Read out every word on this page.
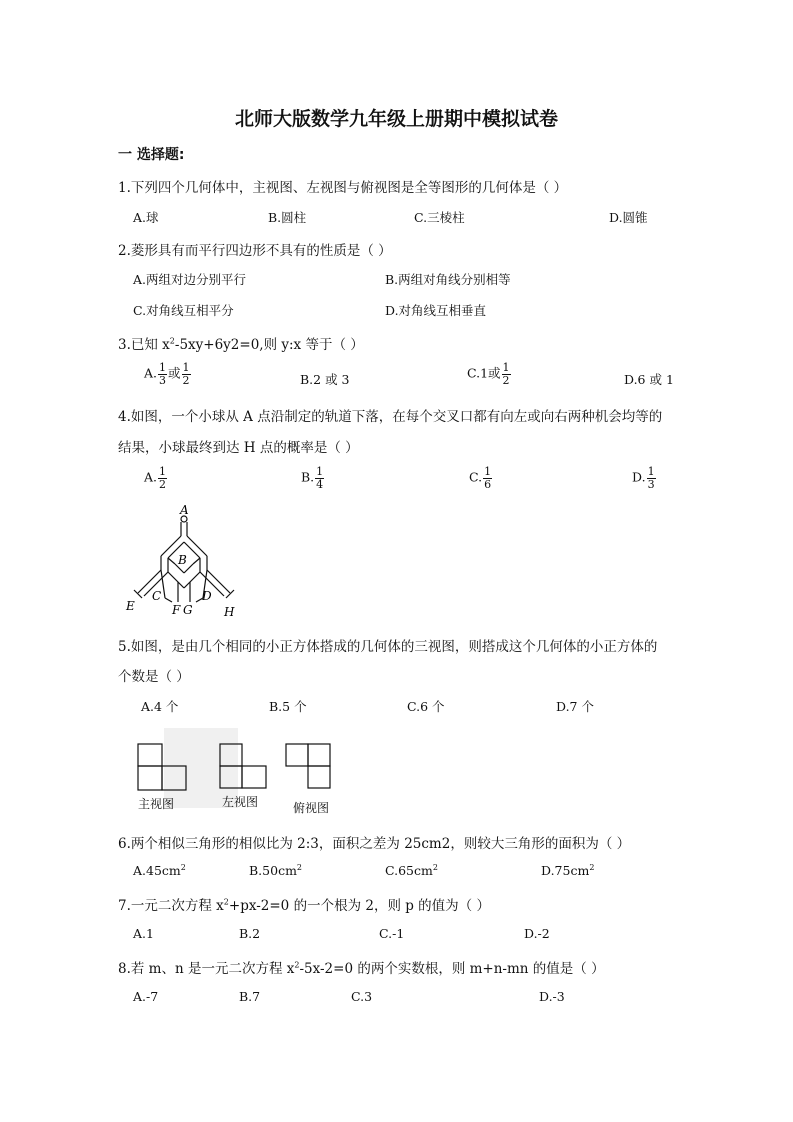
北师大版数学九年级上册期中模拟试卷
一 选择题:
1.下列四个几何体中，主视图、左视图与俯视图是全等图形的几何体是（ ）
A.球	B.圆柱	C.三棱柱	D.圆锥
2.菱形具有而平行四边形不具有的性质是（ ）
A.两组对边分别平行	B.两组对角线分别相等
C.对角线互相平分	D.对角线互相垂直
3.已知 $x^2-5xy+6y2=0$,则 y:x 等于（ ）
A. $\frac{1}{3}$ 或 $\frac{1}{2}$	B.2 或 3	C.1或 $\frac{1}{2}$	D.6 或 1
4.如图，一个小球从 A 点沿制定的轨道下落，在每个交叉口都有向左或向右两种机会均等的
结果，小球最终到达 H 点的概率是（ ）
A. $\frac{1}{2}$	B. $\frac{1}{4}$	C. $\frac{1}{6}$	D. $\frac{1}{3}$
A
B
C	D
E	F G	H
5.如图，是由几个相同的小正方体搭成的几何体的三视图，则搭成这个几何体的小正方体的
个数是（ ）
A.4 个	B.5 个	C.6 个	D.7 个
主视图	左视图	俯视图
6.两个相似三角形的相似比为 2:3，面积之差为 25cm2，则较大三角形的面积为（ ）
$A.45cm^2$	$B.50cm^2$	$C.65cm^2$	$D.75cm^2$
7.一元二次方程 $x^2+px-2=0$ 的一个根为 2，则 p 的值为（ ）
A.1	B.2	C.-1	D.-2
8.若 m、n 是一元二次方程 $x^2-5x-2=0$ 的两个实数根，则 m+n-mn 的值是（ ）
A.-7	B.7	C.3	D.-3
